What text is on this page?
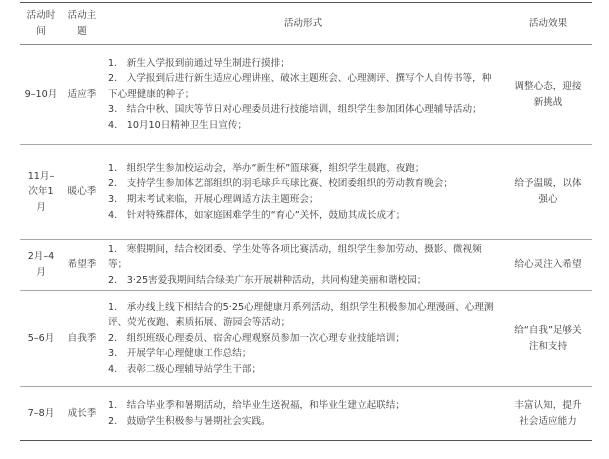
活动时间	活动主题	活动形式	活动效果
9–10月	适应季	1.　新生入学报到前通过导生制进行摸排；
2.　入学报到后进行新生适应心理讲座、破冰主题班会、心理测评、撰写个人自传书等，种下心理健康的种子；
3.　结合中秋、国庆等节日对心理委员进行技能培训，组织学生参加团体心理辅导活动；
4.　10月10日精神卫生日宣传；	调整心态，迎接新挑战
11月–次年1月	暖心季	1.　组织学生参加校运动会，举办“新生杯”篮球赛，组织学生晨跑、夜跑；
2.　支持学生参加体艺部组织的羽毛球乒乓球比赛、校团委组织的劳动教育晚会；
3.　期末考试来临，开展心理调适方法主题班会；
4.　针对特殊群体，如家庭困难学生的“育心”关怀，鼓励其成长成才；	给予温暖，以体强心
2月–4月	希望季	1.　寒假期间，结合校团委、学生处等各项比赛活动，组织学生参加劳动、摄影、微视频等；
2.　3·25害爱我期间结合绿美广东开展耕种活动，共同构建美丽和谐校园；	给心灵注入希望
5–6月	自我季	1.　承办线上线下相结合的5·25心理健康月系列活动，组织学生积极参加心理漫画、心理测评、荧光夜跑、素质拓展、游园会等活动；
2.　组织班级心理委员、宿舍心理观察员参加一次心理专业技能培训；
3.　开展学年心理健康工作总结；
4.　表彰二级心理辅导站学生干部；	给“自我”足够关注和支持
7–8月	成长季	1.　结合毕业季和暑期活动，给毕业生送祝福，和毕业生建立起联结；
2.　鼓励学生积极参与暑期社会实践。	丰富认知，提升社会适应能力
